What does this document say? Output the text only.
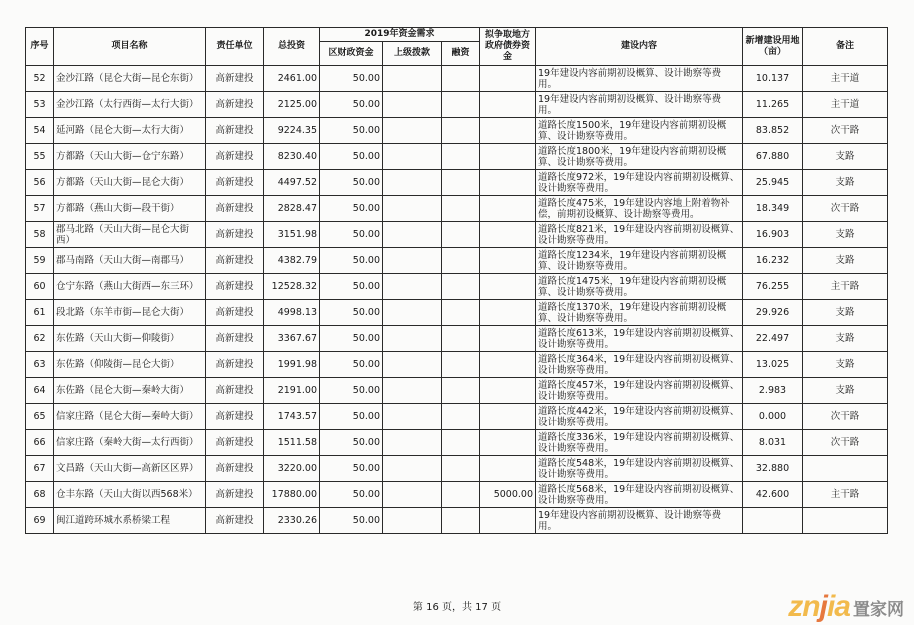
序号	项目名称	责任单位	总投资	2019年资金需求			拟争取地方政府债券资金	建设内容	新增建设用地（亩）	备注
				区财政资金	上级拨款	融资				
52	金沙江路（昆仑大街—昆仑东街）	高新建投	2461.00	50.00				19年建设内容前期初设概算、设计勘察等费用。	10.137	主干道
53	金沙江路（太行西街—太行大街）	高新建投	2125.00	50.00				19年建设内容前期初设概算、设计勘察等费用。	11.265	主干道
54	延河路（昆仑大街—太行大街）	高新建投	9224.35	50.00				道路长度1500米，19年建设内容前期初设概算、设计勘察等费用。	83.852	次干路
55	方都路（天山大街—仓宁东路）	高新建投	8230.40	50.00				道路长度1800米，19年建设内容前期初设概算、设计勘察等费用。	67.880	支路
56	方都路（天山大街—昆仑大街）	高新建投	4497.52	50.00				道路长度972米，19年建设内容前期初设概算、设计勘察等费用。	25.945	支路
57	方都路（燕山大街—段干街）	高新建投	2828.47	50.00				道路长度475米，19年建设内容地上附着物补偿，前期初设概算、设计勘察等费用。	18.349	次干路
58	郡马北路（天山大街—昆仑大街西）	高新建投	3151.98	50.00				道路长度821米，19年建设内容前期初设概算、设计勘察等费用。	16.903	支路
59	郡马南路（天山大街—南郡马）	高新建投	4382.79	50.00				道路长度1234米，19年建设内容前期初设概算、设计勘察等费用。	16.232	支路
60	仓宁东路（燕山大街西—东三环）	高新建投	12528.32	50.00				道路长度1475米，19年建设内容前期初设概算、设计勘察等费用。	76.255	主干路
61	段北路（东羊市街—昆仑大街）	高新建投	4998.13	50.00				道路长度1370米，19年建设内容前期初设概算、设计勘察等费用。	29.926	支路
62	东佐路（天山大街—仰陵街）	高新建投	3367.67	50.00				道路长度613米，19年建设内容前期初设概算、设计勘察等费用。	22.497	支路
63	东佐路（仰陵街—昆仑大街）	高新建投	1991.98	50.00				道路长度364米，19年建设内容前期初设概算、设计勘察等费用。	13.025	支路
64	东佐路（昆仑大街—秦岭大街）	高新建投	2191.00	50.00				道路长度457米，19年建设内容前期初设概算、设计勘察等费用。	2.983	支路
65	信家庄路（昆仑大街—秦岭大街）	高新建投	1743.57	50.00				道路长度442米，19年建设内容前期初设概算、设计勘察等费用。	0.000	次干路
66	信家庄路（秦岭大街—太行西街）	高新建投	1511.58	50.00				道路长度336米，19年建设内容前期初设概算、设计勘察等费用。	8.031	次干路
67	文昌路（天山大街—高新区区界）	高新建投	3220.00	50.00				道路长度548米，19年建设内容前期初设概算、设计勘察等费用。	32.880	
68	仓丰东路（天山大街以西568米）	高新建投	17880.00	50.00			5000.00	道路长度568米，19年建设内容前期初设概算、设计勘察等费用。	42.600	主干路
69	闽江道跨环城水系桥梁工程	高新建投	2330.26	50.00				19年建设内容前期初设概算、设计勘察等费用。		
第 16 页，共 17 页	znjia 置家网
